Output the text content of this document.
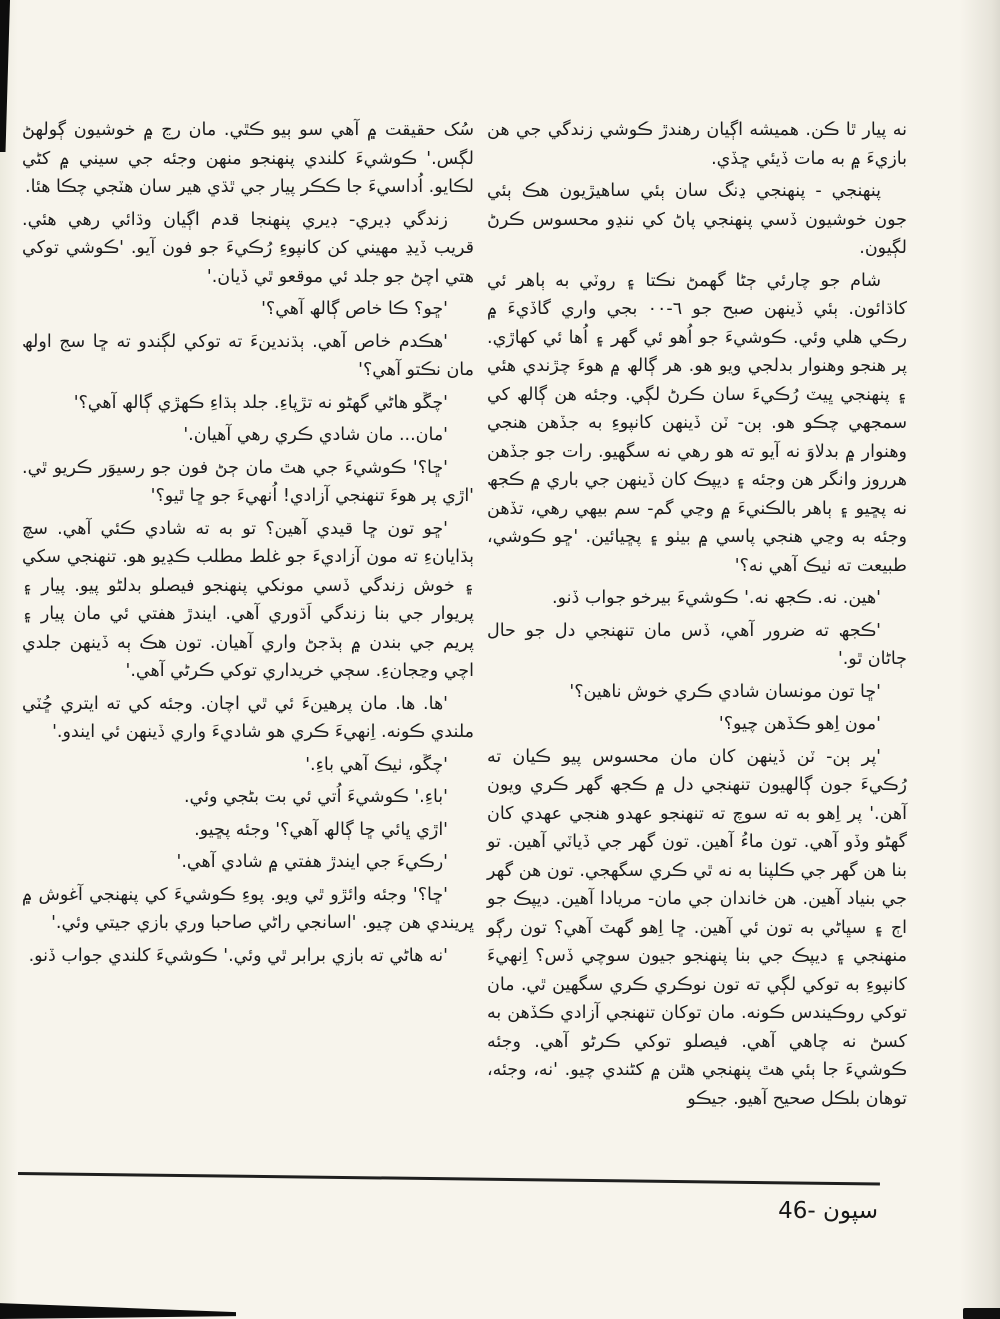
سُک حقيقت ۾ آهي سو ٻيو ڪٿي. مان رڃ ۾ خوشيون ڳولهڻ لڳس.' ڪوشيءَ کلندي پنهنجو منهن وجئه جي سيني ۾ کڻي لڪايو. اُداسيءَ جا ڪڪر پيار جي ٿڌي هير سان هٽجي چڪا هئا.

زندگي ڊيري- ڊيري پنهنجا قدم اڳيان وڌائي رهي هئي. قريب ڏيڍ مهيني کن کانپوءِ رُڪيءَ جو فون آيو. 'ڪوشي توکي هتي اچڻ جو جلد ئي موقعو ٿي ڏيان.'

'ڇو؟ ڪا خاص ڳالھ آهي؟'

'هڪدم خاص آهي. ٻڌندينءَ ته توکي لڳندو ته ڇا سج اولھ مان نڪتو آهي؟'

'چڱو هاڻي گهڻو نه تڙپاءِ. جلد ٻڌاءِ ڪهڙي ڳالھ آهي؟'

'مان... مان شادي ڪري رهي آهيان.'

'ڇا؟' ڪوشيءَ جي هٿ مان ڄڻ فون جو رسيوَر ڪريو ٿي. 'اڙي پر هوءَ تنهنجي آزادي! اُنهيءَ جو ڇا ٿيو؟'

'ڇو تون ڇا قيدي آهين؟ تو به ته شادي ڪئي آهي. سچ ٻڌايانءِ ته مون آزاديءَ جو غلط مطلب ڪڍيو هو. تنهنجي سکي ۽ خوش زندگي ڏسي مونکي پنهنجو فيصلو بدلڻو پيو. پيار ۽ پريوار جي بنا زندگي اَڌوري آهي. ايندڙ هفتي ئي مان پيار ۽ پريم جي بندن ۾ ٻڌجڻ واري آهيان. تون هڪ ٻه ڏينهن جلدي اچي وڃجانءِ. سڄي خريداري توکي ڪرڻي آهي.'

'ها. ها. مان پرهينءَ ئي ٿي اچان. وجئه کي ته ايتري ڇُٽي ملندي ڪونه. اِنهيءَ ڪري هو شاديءَ واري ڏينهن ئي ايندو.'

'چڱو، ٺيڪ آهي باءِ.'

'باءِ.' ڪوشيءَ اُتي ئي بت بڻجي وئي.

'اڙي ڀائي ڇا ڳالھ آهي؟' وجئه پڇيو.

'رڪيءَ جي ايندڙ هفتي ۾ شادي آهي.'

'ڇا؟' وجئه وائڙو ٿي ويو. پوءِ ڪوشيءَ کي پنهنجي آغوش ۾ ڀريندي هن چيو. 'اسانجي راڻي صاحبا وري بازي جيتي وئي.'

'نه هاڻي ته بازي برابر ٿي وئي.' ڪوشيءَ کلندي جواب ڏنو.

نه پيار ٿا ڪن. هميشه اڳيان رهندڙ ڪوشي زندگي جي هن بازيءَ ۾ به مات ڏيئي ڇڏي.

پنهنجي - پنهنجي ڍنگ سان ٻئي ساهيڙيون هڪ ٻئي جون خوشيون ڏسي پنهنجي پاڻ کي ننڍو محسوس ڪرڻ لڳيون.

شام جو چارئي ڄڻا گهمڻ نڪتا ۽ روٽي به ٻاهر ئي کاڌائون. ٻئي ڏينهن صبح جو ٦-٠٠ بجي واري گاڏيءَ ۾ رڪي هلي وئي. ڪوشيءَ جو اُهو ئي گهر ۽ اُها ئي کهاڙي. پر هنجو وهنوار بدلجي ويو هو. هر ڳالھ ۾ هوءَ چڙندي هئي ۽ پنهنجي ڀيٽ رُڪيءَ سان ڪرڻ لڳي. وجئه هن ڳالھ کي سمجهي چڪو هو. ٻن- ٽن ڏينهن کانپوءِ به جڏهن هنجي وهنوار ۾ بدلاوَ نه آيو ته هو رهي نه سگهيو. رات جو جڏهن هرروز وانگر هن وجئه ۽ ديپڪ کان ڏينهن جي باري ۾ ڪجھ نه پڇيو ۽ ٻاهر بالڪنيءَ ۾ وڃي گم- سم بيهي رهي، تڏهن وجئه به وڃي هنجي پاسي ۾ بيٺو ۽ پڇيائين. 'ڇو ڪوشي، طبيعت ته ٺيڪ آهي نه؟'

'هين. نه. ڪجھ نه.' ڪوشيءَ بيرخو جواب ڏنو.

'ڪجھ ته ضرور آهي، ڏس مان تنهنجي دل جو حال ڄاڻان ٿو.'

'ڇا تون مونسان شادي ڪري خوش ناهين؟'

'مون اِهو ڪڏهن چيو؟'

'پر ٻن- ٽن ڏينهن کان مان محسوس پيو ڪيان ته رُڪيءَ جون ڳالهيون تنهنجي دل ۾ ڪجھ گهر ڪري ويون آهن.' پر اِهو به ته سوچ ته تنهنجو عهدو هنجي عهدي کان گهڻو وڏو آهي. تون ماءُ آهين. تون گهر جي ڏياٽي آهين. تو بنا هن گهر جي ڪلپنا به نه ٿي ڪري سگهجي. تون هن گهر جي بنياد آهين. هن خاندان جي مان- مريادا آهين. ديپڪ جو اڄ ۽ سڀاڻي به تون ئي آهين. ڇا اِهو گهٽ آهي؟ تون رڳو منهنجي ۽ ديپڪ جي بنا پنهنجو جيون سوچي ڏس؟ اِنهيءَ کانپوءِ به توکي لڳي ته تون نوڪري ڪري سگهين ٿي. مان توکي روڪيندس ڪونه. مان توکان تنهنجي آزادي ڪڏهن به کسڻ نه چاهي آهي. فيصلو توکي ڪرڻو آهي. وجئه ڪوشيءَ جا ٻئي هٿ پنهنجي هٿن ۾ کڻندي چيو. 'نه، وجئه، توهان بلڪل صحيح آهيو. جيڪو

سپون -46
